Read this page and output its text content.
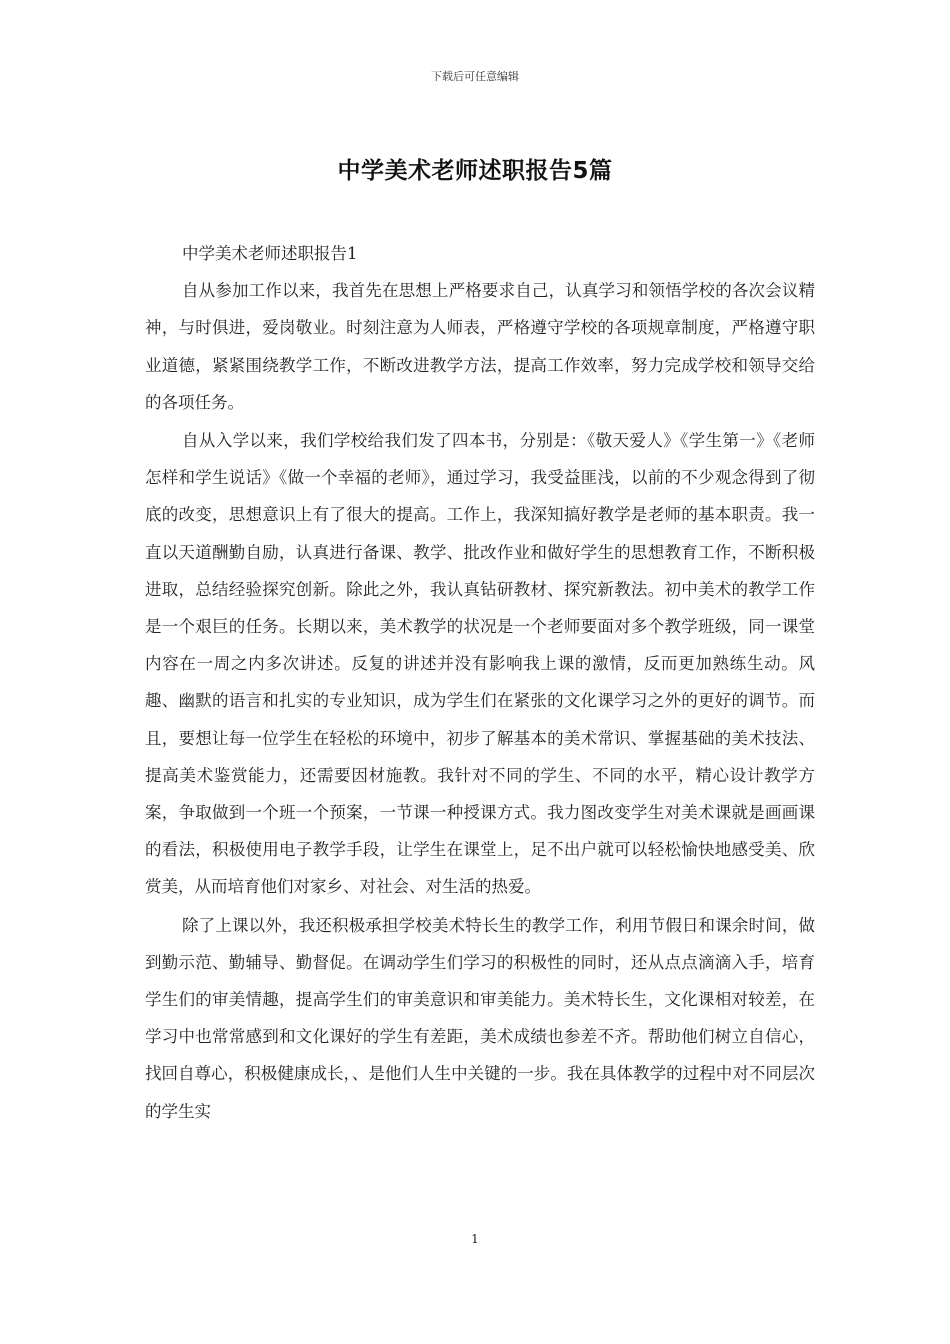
下载后可任意编辑
中学美术老师述职报告5篇

中学美术老师述职报告1

自从参加工作以来，我首先在思想上严格要求自己，认真学习和领悟学校的各次会议精神，与时俱进，爱岗敬业。时刻注意为人师表，严格遵守学校的各项规章制度，严格遵守职业道德，紧紧围绕教学工作，不断改进教学方法，提高工作效率，努力完成学校和领导交给的各项任务。

自从入学以来，我们学校给我们发了四本书，分别是：《敬天爱人》《学生第一》《老师怎样和学生说话》《做一个幸福的老师》，通过学习，我受益匪浅，以前的不少观念得到了彻底的改变，思想意识上有了很大的提高。工作上，我深知搞好教学是老师的基本职责。我一直以天道酬勤自励，认真进行备课、教学、批改作业和做好学生的思想教育工作，不断积极进取，总结经验探究创新。除此之外，我认真钻研教材、探究新教法。初中美术的教学工作是一个艰巨的任务。长期以来，美术教学的状况是一个老师要面对多个教学班级，同一课堂内容在一周之内多次讲述。反复的讲述并没有影响我上课的激情，反而更加熟练生动。风趣、幽默的语言和扎实的专业知识，成为学生们在紧张的文化课学习之外的更好的调节。而且，要想让每一位学生在轻松的环境中，初步了解基本的美术常识、掌握基础的美术技法、提高美术鉴赏能力，还需要因材施教。我针对不同的学生、不同的水平，精心设计教学方案，争取做到一个班一个预案，一节课一种授课方式。我力图改变学生对美术课就是画画课的看法，积极使用电子教学手段，让学生在课堂上，足不出户就可以轻松愉快地感受美、欣赏美，从而培育他们对家乡、对社会、对生活的热爱。

除了上课以外，我还积极承担学校美术特长生的教学工作，利用节假日和课余时间，做到勤示范、勤辅导、勤督促。在调动学生们学习的积极性的同时，还从点点滴滴入手，培育学生们的审美情趣，提高学生们的审美意识和审美能力。美术特长生，文化课相对较差，在学习中也常常感到和文化课好的学生有差距，美术成绩也参差不齐。帮助他们树立自信心，找回自尊心，积极健康成长，、是他们人生中关键的一步。我在具体教学的过程中对不同层次的学生实

1
